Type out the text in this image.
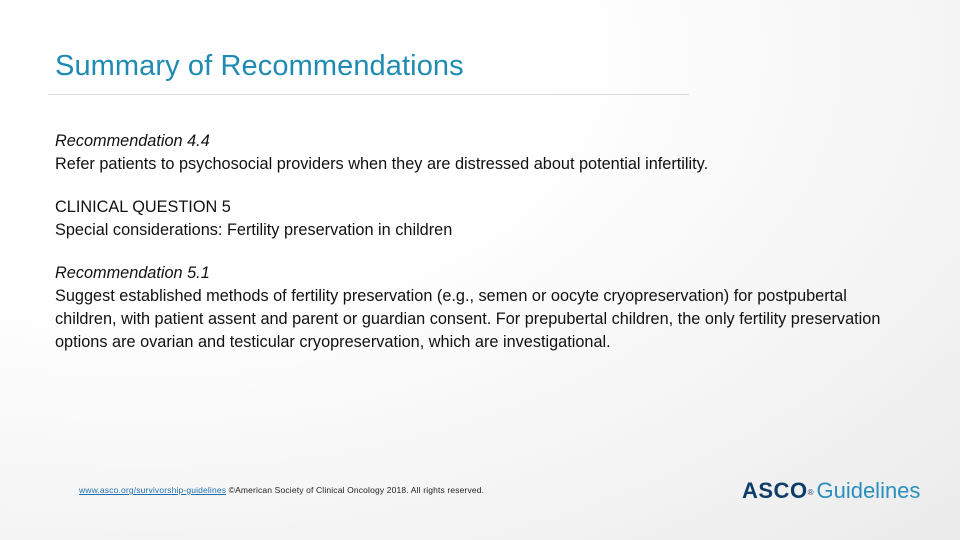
Summary of Recommendations
Recommendation 4.4
Refer patients to psychosocial providers when they are distressed about potential infertility.
CLINICAL QUESTION 5
Special considerations: Fertility preservation in children
Recommendation 5.1
Suggest established methods of fertility preservation (e.g., semen or oocyte cryopreservation) for postpubertal children, with patient assent and parent or guardian consent. For prepubertal children, the only fertility preservation options are ovarian and testicular cryopreservation, which are investigational.
www.asco.org/survivorship-guidelines ©American Society of Clinical Oncology 2018. All rights reserved.	ASCO® Guidelines
